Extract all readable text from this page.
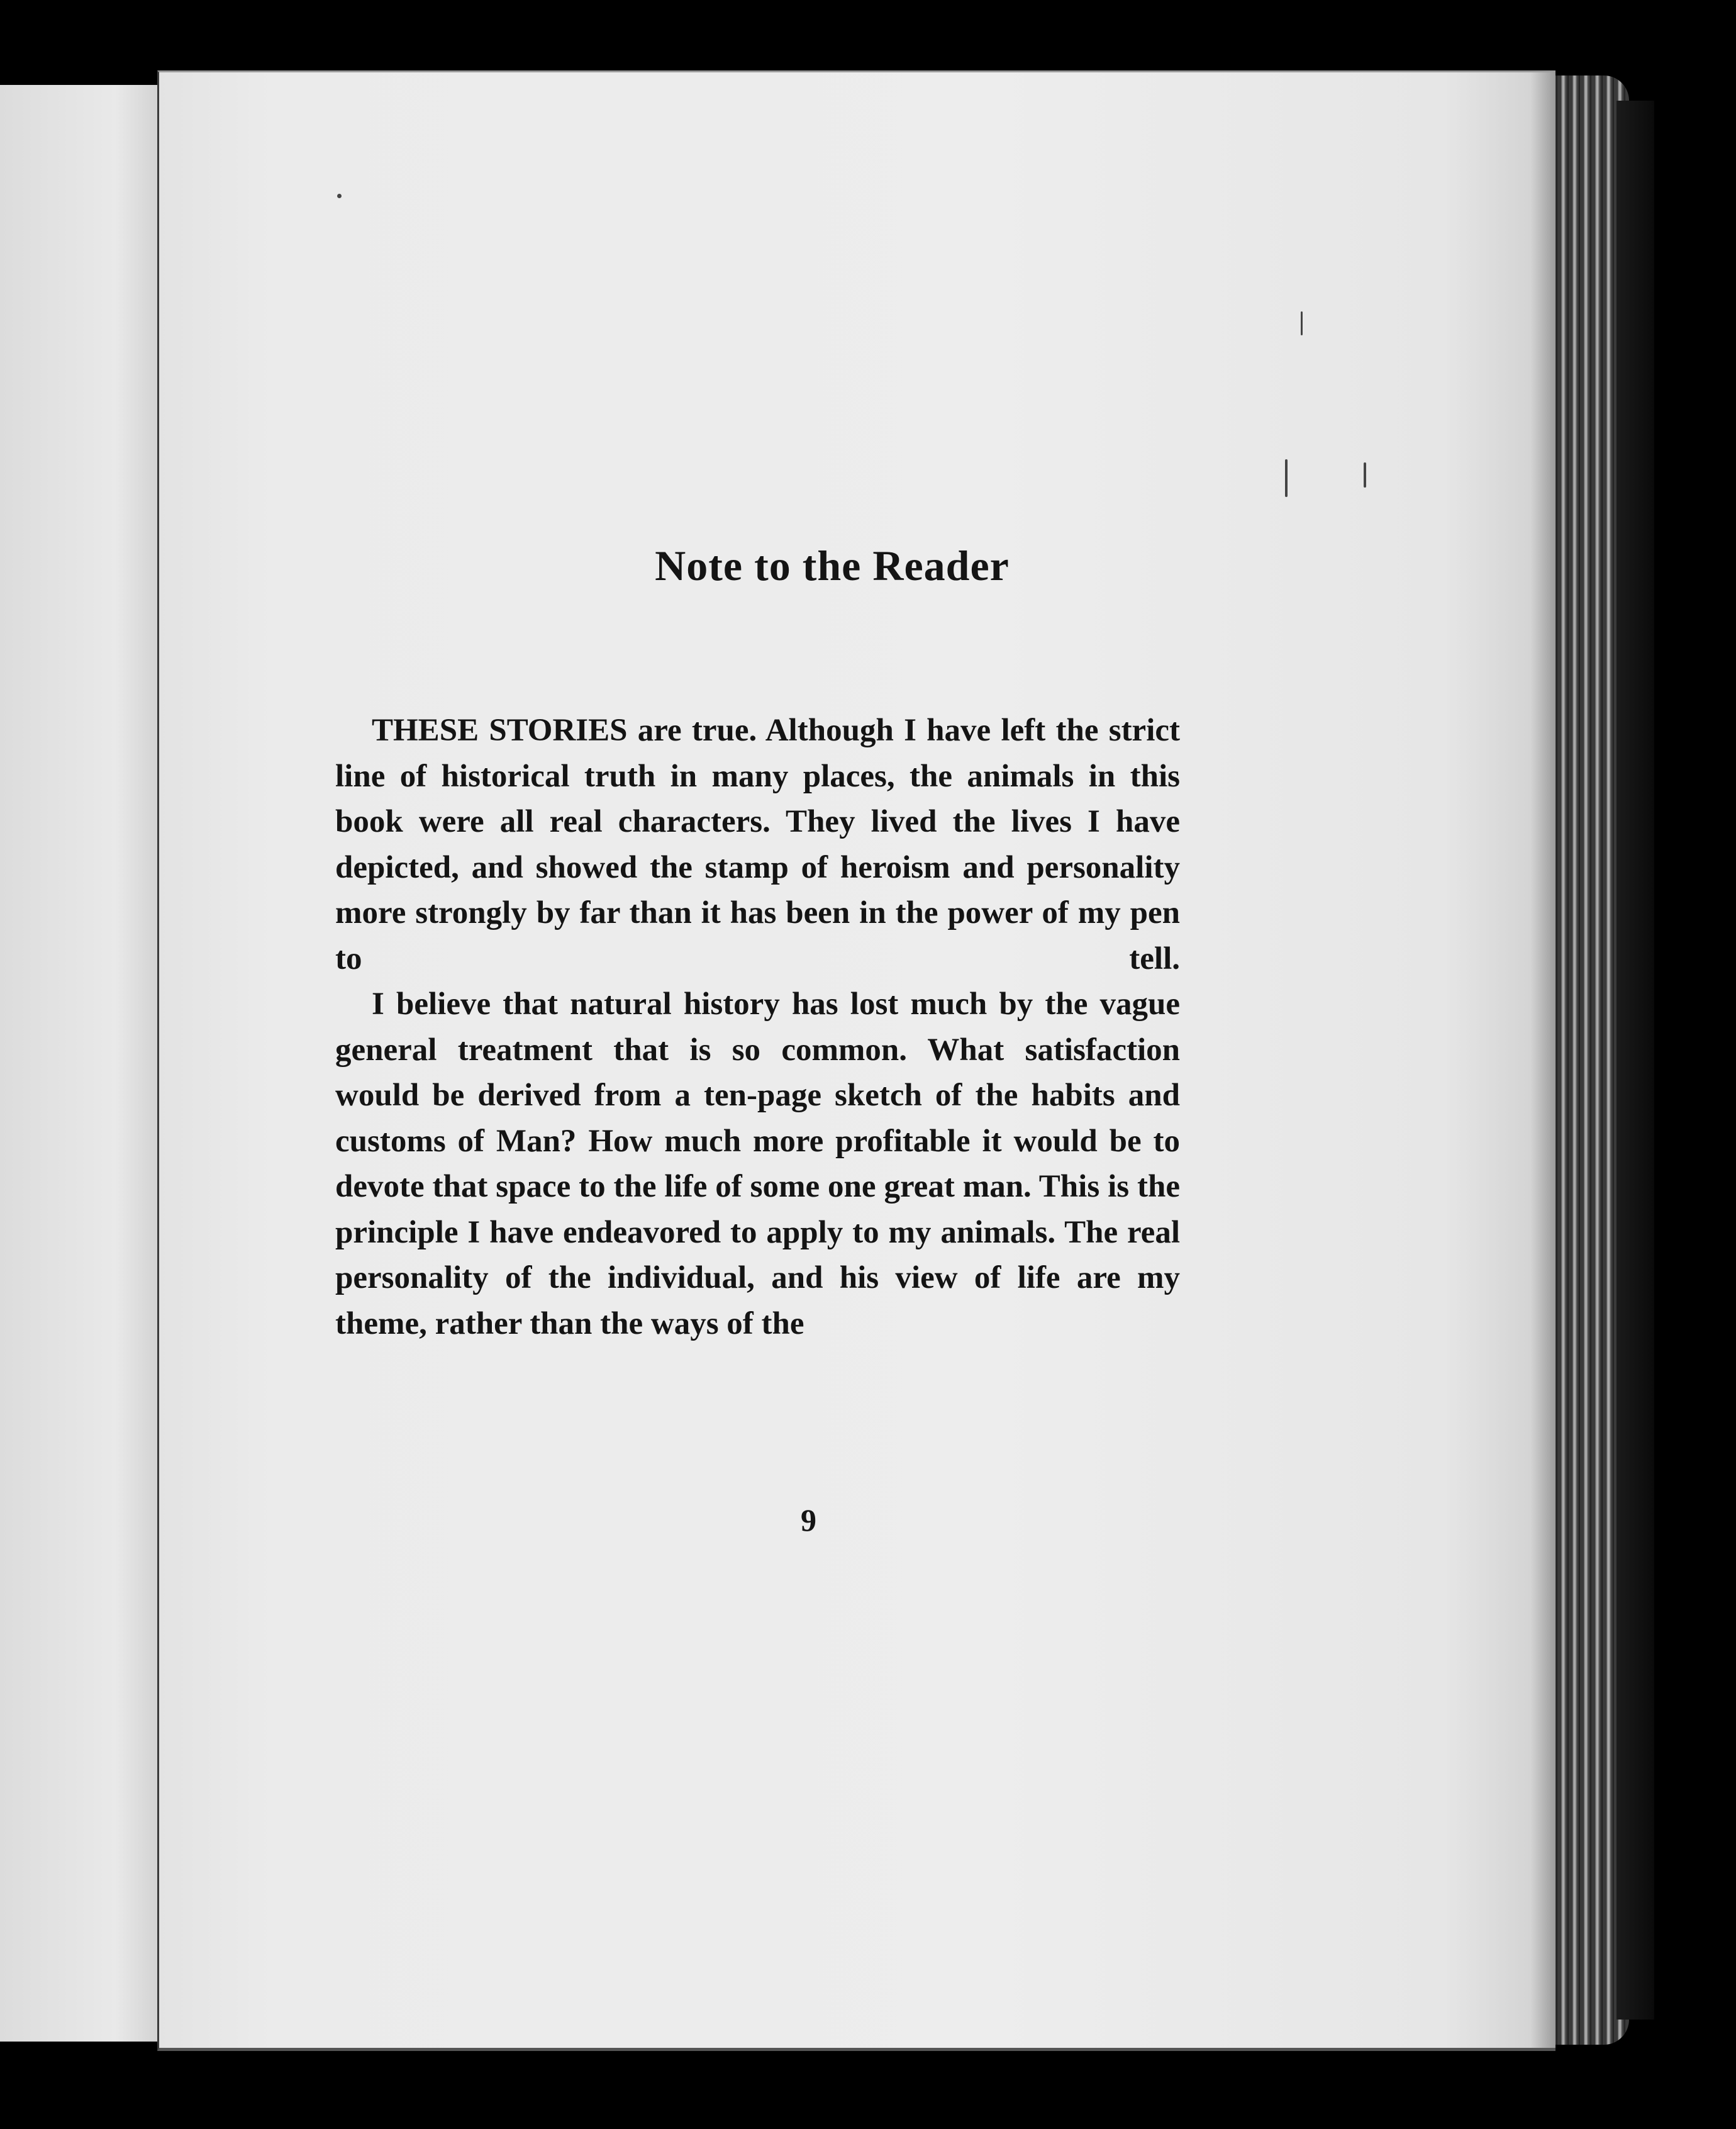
Note to the Reader

THESE STORIES are true. Although I have left the strict line of historical truth in many places, the animals in this book were all real characters. They lived the lives I have depicted, and showed the stamp of heroism and personality more strongly by far than it has been in the power of my pen to tell.

I believe that natural history has lost much by the vague general treatment that is so common. What satisfaction would be derived from a ten-page sketch of the habits and customs of Man? How much more profitable it would be to devote that space to the life of some one great man. This is the principle I have endeavored to apply to my animals. The real personality of the individual, and his view of life are my theme, rather than the ways of the

9
